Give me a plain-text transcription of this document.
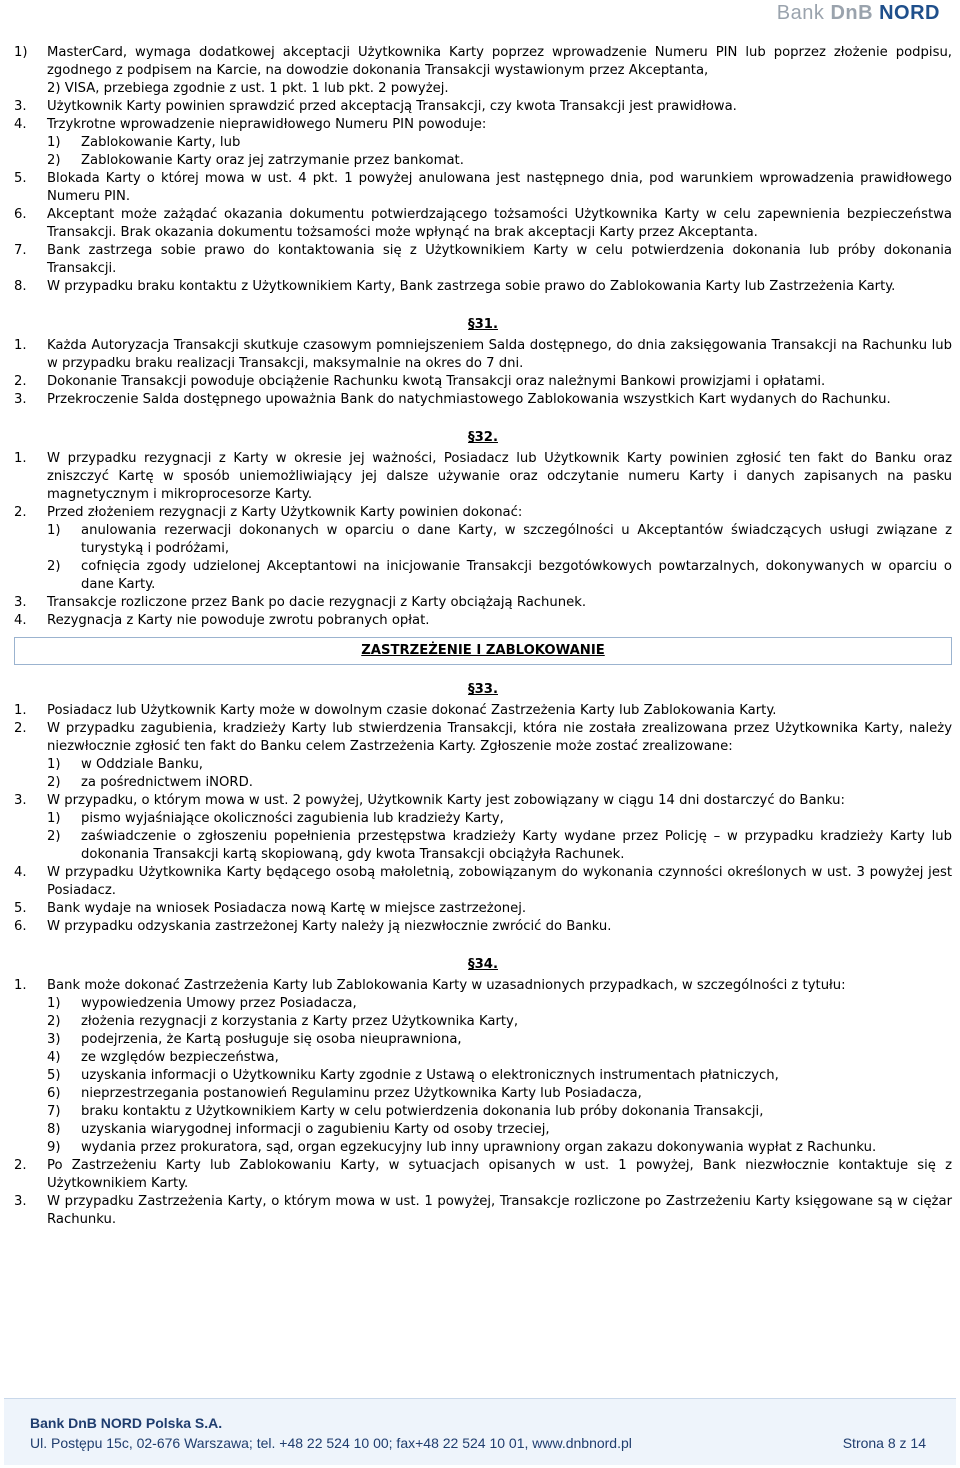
Bank DnB NORD
1)	MasterCard, wymaga dodatkowej akceptacji Użytkownika Karty poprzez wprowadzenie Numeru PIN lub poprzez złożenie podpisu, zgodnego z podpisem na Karcie, na dowodzie dokonania Transakcji wystawionym przez Akceptanta,
2) VISA, przebiega zgodnie z ust. 1 pkt. 1 lub pkt. 2 powyżej.
3.	Użytkownik Karty powinien sprawdzić przed akceptacją Transakcji, czy kwota Transakcji jest prawidłowa.
4.	Trzykrotne wprowadzenie nieprawidłowego Numeru PIN powoduje:
1)	Zablokowanie Karty, lub
2)	Zablokowanie Karty oraz jej zatrzymanie przez bankomat.
5.	Blokada Karty o której mowa w ust. 4 pkt. 1 powyżej anulowana jest następnego dnia, pod warunkiem wprowadzenia prawidłowego Numeru PIN.
6.	Akceptant może zażądać okazania dokumentu potwierdzającego tożsamości Użytkownika Karty w celu zapewnienia bezpieczeństwa Transakcji. Brak okazania dokumentu tożsamości może wpłynąć na brak akceptacji Karty przez Akceptanta.
7.	Bank zastrzega sobie prawo do kontaktowania się z Użytkownikiem Karty w celu potwierdzenia dokonania lub próby dokonania Transakcji.
8.	W przypadku braku kontaktu z Użytkownikiem Karty, Bank zastrzega sobie prawo do Zablokowania Karty lub Zastrzeżenia Karty.
§31.
1.	Każda Autoryzacja Transakcji skutkuje czasowym pomniejszeniem Salda dostępnego, do dnia zaksięgowania Transakcji na Rachunku lub w przypadku braku realizacji Transakcji, maksymalnie na okres do 7 dni.
2.	Dokonanie Transakcji powoduje obciążenie Rachunku kwotą Transakcji oraz należnymi Bankowi prowizjami i opłatami.
3.	Przekroczenie Salda dostępnego upoważnia Bank do natychmiastowego Zablokowania wszystkich Kart wydanych do Rachunku.
§32.
1.	W przypadku rezygnacji z Karty w okresie jej ważności, Posiadacz lub Użytkownik Karty powinien zgłosić ten fakt do Banku oraz zniszczyć Kartę w sposób uniemożliwiający jej dalsze używanie oraz odczytanie numeru Karty i danych zapisanych na pasku magnetycznym i mikroprocesorze Karty.
2.	Przed złożeniem rezygnacji z Karty Użytkownik Karty powinien dokonać:
1)	anulowania rezerwacji dokonanych w oparciu o dane Karty, w szczególności u Akceptantów świadczących usługi związane z turystyką i podróżami,
2)	cofnięcia zgody udzielonej Akceptantowi na inicjowanie Transakcji bezgotówkowych powtarzalnych, dokonywanych w oparciu o dane Karty.
3.	Transakcje rozliczone przez Bank po dacie rezygnacji z Karty obciążają Rachunek.
4.	Rezygnacja z Karty nie powoduje zwrotu pobranych opłat.
ZASTRZEŻENIE I ZABLOKOWANIE
§33.
1.	Posiadacz lub Użytkownik Karty może w dowolnym czasie dokonać Zastrzeżenia Karty lub Zablokowania Karty.
2.	W przypadku zagubienia, kradzieży Karty lub stwierdzenia Transakcji, która nie została zrealizowana przez Użytkownika Karty, należy niezwłocznie zgłosić ten fakt do Banku celem Zastrzeżenia Karty. Zgłoszenie może zostać zrealizowane:
1)	w Oddziale Banku,
2)	za pośrednictwem iNORD.
3.	W przypadku, o którym mowa w ust. 2 powyżej, Użytkownik Karty jest zobowiązany w ciągu 14 dni dostarczyć do Banku:
1)	pismo wyjaśniające okoliczności zagubienia lub kradzieży Karty,
2)	zaświadczenie o zgłoszeniu popełnienia przestępstwa kradzieży Karty wydane przez Policję – w przypadku kradzieży Karty lub dokonania Transakcji kartą skopiowaną, gdy kwota Transakcji obciążyła Rachunek.
4.	W przypadku Użytkownika Karty będącego osobą małoletnią, zobowiązanym do wykonania czynności określonych w ust. 3 powyżej jest Posiadacz.
5.	Bank wydaje na wniosek Posiadacza nową Kartę w miejsce zastrzeżonej.
6.	W przypadku odzyskania zastrzeżonej Karty należy ją niezwłocznie zwrócić do Banku.
§34.
1.	Bank może dokonać Zastrzeżenia Karty lub Zablokowania Karty w uzasadnionych przypadkach, w szczególności z tytułu:
1)	wypowiedzenia Umowy przez Posiadacza,
2)	złożenia rezygnacji z korzystania z Karty przez Użytkownika Karty,
3)	podejrzenia, że Kartą posługuje się osoba nieuprawniona,
4)	ze względów bezpieczeństwa,
5)	uzyskania informacji o Użytkowniku Karty zgodnie z Ustawą o elektronicznych instrumentach płatniczych,
6)	nieprzestrzegania postanowień Regulaminu przez Użytkownika Karty lub Posiadacza,
7)	braku kontaktu z Użytkownikiem Karty w celu potwierdzenia dokonania lub próby dokonania Transakcji,
8)	uzyskania wiarygodnej informacji o zagubieniu Karty od osoby trzeciej,
9)	wydania przez prokuratora, sąd, organ egzekucyjny lub inny uprawniony organ zakazu dokonywania wypłat z Rachunku.
2.	Po Zastrzeżeniu Karty lub Zablokowaniu Karty, w sytuacjach opisanych w ust. 1 powyżej, Bank niezwłocznie kontaktuje się z Użytkownikiem Karty.
3.	W przypadku Zastrzeżenia Karty, o którym mowa w ust. 1 powyżej, Transakcje rozliczone po Zastrzeżeniu Karty księgowane są w ciężar Rachunku.
Bank DnB NORD Polska S.A.
Ul. Postępu 15c, 02-676 Warszawa; tel. +48 22 524 10 00; fax+48 22 524 10 01, www.dnbnord.pl	Strona 8 z 14
